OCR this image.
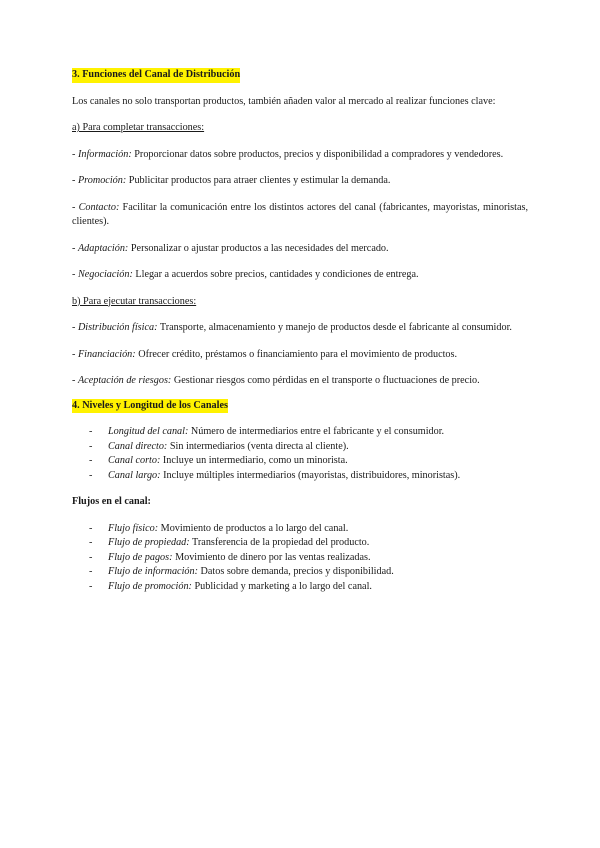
3. Funciones del Canal de Distribución

Los canales no solo transportan productos, también añaden valor al mercado al realizar funciones clave:

a) Para completar transacciones:

- Información: Proporcionar datos sobre productos, precios y disponibilidad a compradores y vendedores.

- Promoción: Publicitar productos para atraer clientes y estimular la demanda.

- Contacto: Facilitar la comunicación entre los distintos actores del canal (fabricantes, mayoristas, minoristas, clientes).

- Adaptación: Personalizar o ajustar productos a las necesidades del mercado.

- Negociación: Llegar a acuerdos sobre precios, cantidades y condiciones de entrega.

b) Para ejecutar transacciones:

- Distribución física: Transporte, almacenamiento y manejo de productos desde el fabricante al consumidor.

- Financiación: Ofrecer crédito, préstamos o financiamiento para el movimiento de productos.

- Aceptación de riesgos: Gestionar riesgos como pérdidas en el transporte o fluctuaciones de precio.

4. Niveles y Longitud de los Canales

- Longitud del canal: Número de intermediarios entre el fabricante y el consumidor.
- Canal directo: Sin intermediarios (venta directa al cliente).
- Canal corto: Incluye un intermediario, como un minorista.
- Canal largo: Incluye múltiples intermediarios (mayoristas, distribuidores, minoristas).

Flujos en el canal:

- Flujo físico: Movimiento de productos a lo largo del canal.
- Flujo de propiedad: Transferencia de la propiedad del producto.
- Flujo de pagos: Movimiento de dinero por las ventas realizadas.
- Flujo de información: Datos sobre demanda, precios y disponibilidad.
- Flujo de promoción: Publicidad y marketing a lo largo del canal.
